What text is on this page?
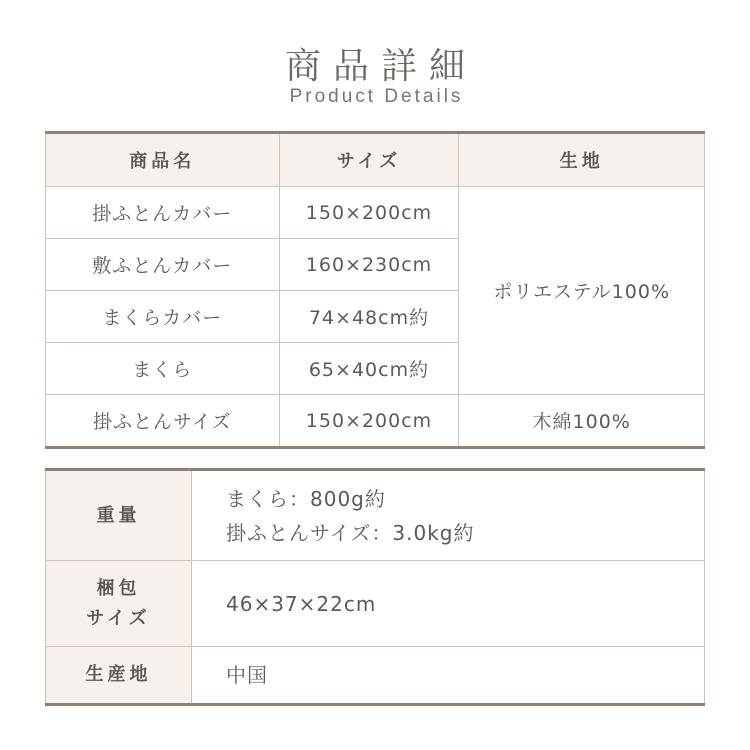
商品詳細
Product Details
商品名	サイズ	生地
掛ふとんカバー	150×200cm	ポリエステル100%
敷ふとんカバー	160×230cm	
まくらカバー	74×48cm約	
まくら	65×40cm約	
掛ふとんサイズ	150×200cm	木綿100%
重量	まくら：800g約
掛ふとんサイズ：3.0kg約

梱包
サイズ	46×37×22cm
生産地	中国
